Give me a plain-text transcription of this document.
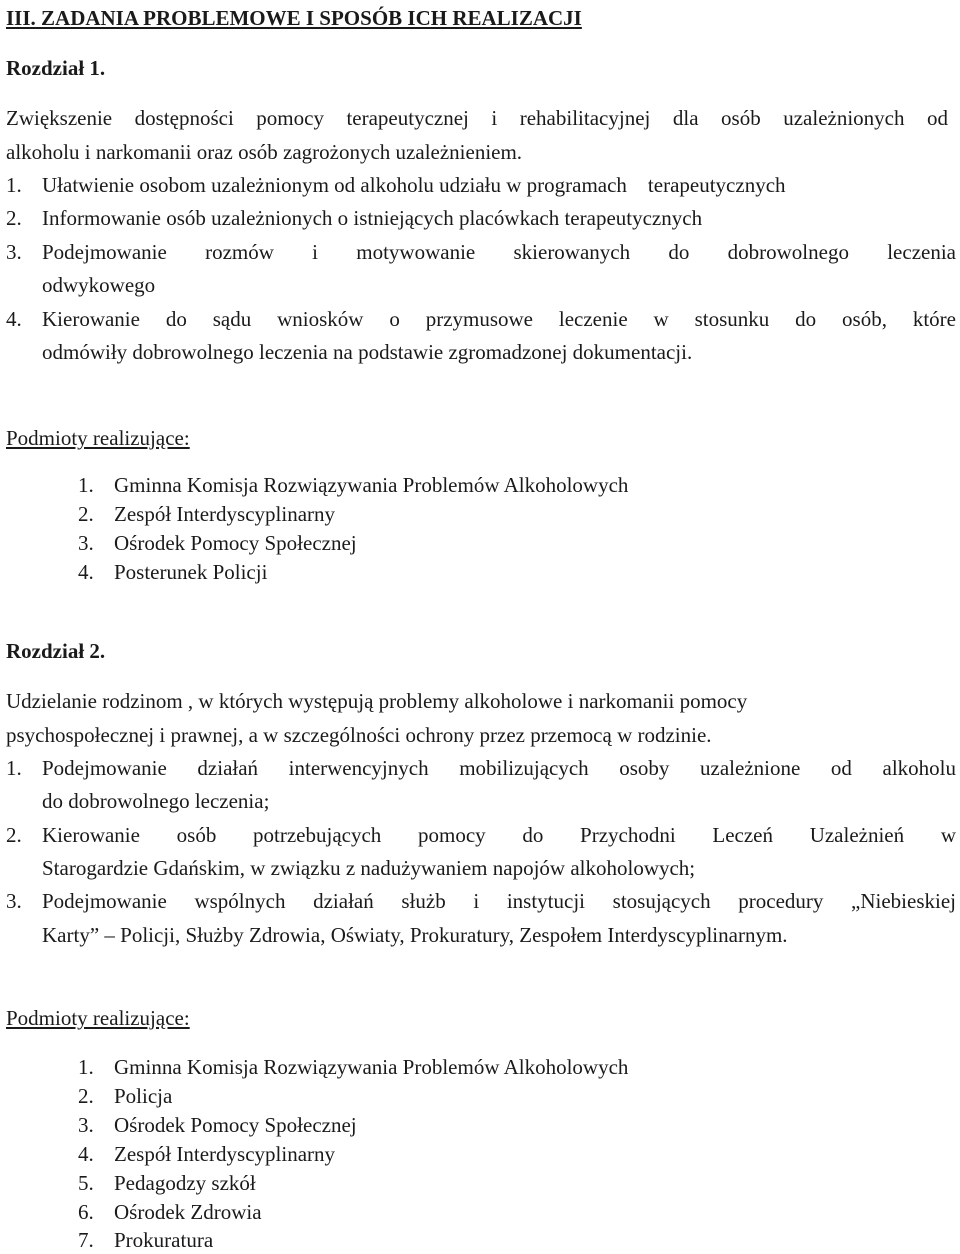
III. ZADANIA PROBLEMOWE I SPOSÓB ICH REALIZACJI
Rozdział 1.
Zwiększenie dostępności pomocy terapeutycznej i rehabilitacyjnej dla osób uzależnionych od
alkoholu i narkomanii oraz osób zagrożonych uzależnieniem.
1. Ułatwienie osobom uzależnionym od alkoholu udziału w programach    terapeutycznych
2. Informowanie osób uzależnionych o istniejących placówkach terapeutycznych
3. Podejmowanie rozmów i motywowanie skierowanych do dobrowolnego leczenia
odwykowego
4. Kierowanie do sądu wniosków o przymusowe leczenie w stosunku do osób, które
odmówiły dobrowolnego leczenia na podstawie zgromadzonej dokumentacji.
Podmioty realizujące:
1. Gminna Komisja Rozwiązywania Problemów Alkoholowych
2. Zespół Interdyscyplinarny
3. Ośrodek Pomocy Społecznej
4. Posterunek Policji
Rozdział 2.
Udzielanie rodzinom , w których występują problemy alkoholowe i narkomanii pomocy
psychospołecznej i prawnej, a w szczególności ochrony przez przemocą w rodzinie.
1. Podejmowanie działań interwencyjnych mobilizujących osoby uzależnione od alkoholu
do dobrowolnego leczenia;
2. Kierowanie osób potrzebujących pomocy do Przychodni Leczeń Uzależnień w
Starogardzie Gdańskim, w związku z nadużywaniem napojów alkoholowych;
3. Podejmowanie wspólnych działań służb i instytucji stosujących procedury „Niebieskiej
Karty” – Policji, Służby Zdrowia, Oświaty, Prokuratury, Zespołem Interdyscyplinarnym.
Podmioty realizujące:
1. Gminna Komisja Rozwiązywania Problemów Alkoholowych
2. Policja
3. Ośrodek Pomocy Społecznej
4. Zespół Interdyscyplinarny
5. Pedagodzy szkół
6. Ośrodek Zdrowia
7. Prokuratura
